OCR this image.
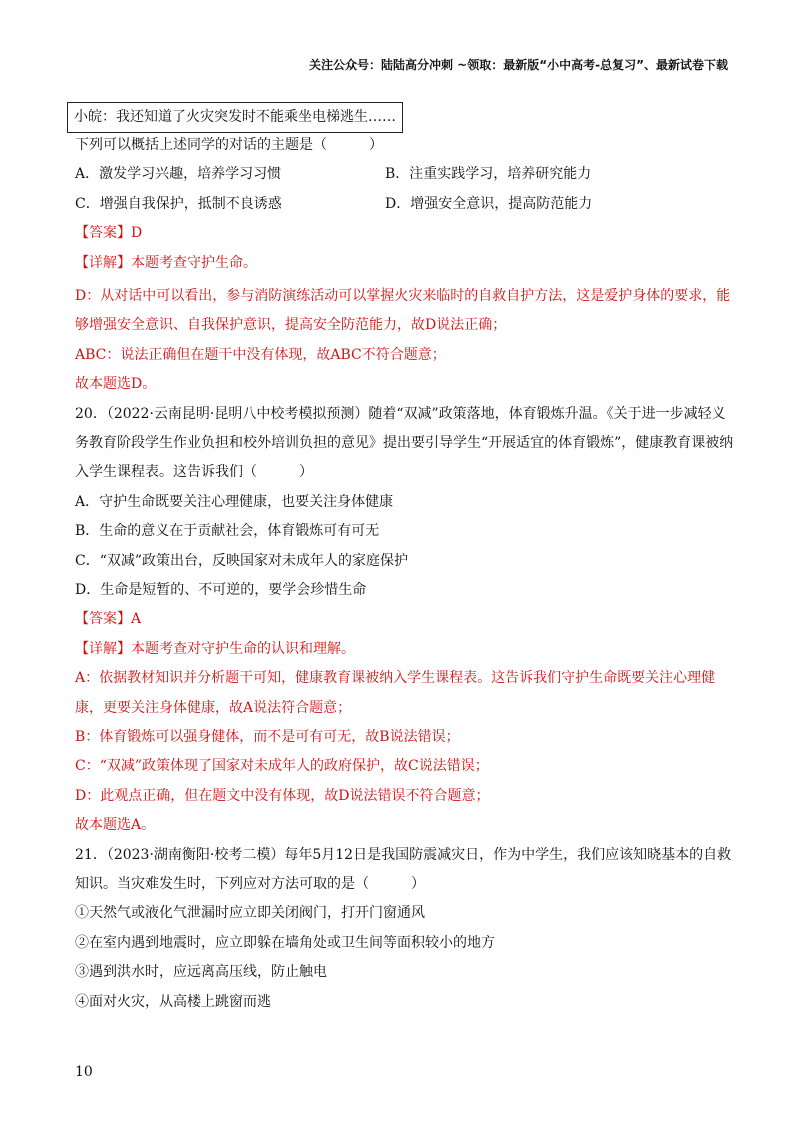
关注公众号：陆陆高分冲刺 ~领取：最新版“小中高考-总复习”、最新试卷下载
小皖：我还知道了火灾突发时不能乘坐电梯逃生……
下列可以概括上述同学的对话的主题是（　　　）
A．激发学习兴趣，培养学习习惯	B．注重实践学习，培养研究能力
C．增强自我保护，抵制不良诱惑	D．增强安全意识，提高防范能力
【答案】D
【详解】本题考查守护生命。
D：从对话中可以看出，参与消防演练活动可以掌握火灾来临时的自救自护方法，这是爱护身体的要求，能够增强安全意识、自我保护意识，提高安全防范能力，故D说法正确；
ABC：说法正确但在题干中没有体现，故ABC不符合题意；
故本题选D。
20．（2022·云南昆明·昆明八中校考模拟预测）随着“双减”政策落地，体育锻炼升温。《关于进一步减轻义务教育阶段学生作业负担和校外培训负担的意见》提出要引导学生“开展适宜的体育锻炼”，健康教育课被纳入学生课程表。这告诉我们（　　　）
A．守护生命既要关注心理健康，也要关注身体健康
B．生命的意义在于贡献社会，体育锻炼可有可无
C．“双减”政策出台，反映国家对未成年人的家庭保护
D．生命是短暂的、不可逆的，要学会珍惜生命
【答案】A
【详解】本题考查对守护生命的认识和理解。
A：依据教材知识并分析题干可知，健康教育课被纳入学生课程表。这告诉我们守护生命既要关注心理健康，更要关注身体健康，故A说法符合题意；
B：体育锻炼可以强身健体，而不是可有可无，故B说法错误；
C：“双减”政策体现了国家对未成年人的政府保护，故C说法错误；
D：此观点正确，但在题文中没有体现，故D说法错误不符合题意；
故本题选A。
21．（2023·湖南衡阳·校考二模）每年5月12日是我国防震减灾日，作为中学生，我们应该知晓基本的自救知识。当灾难发生时，下列应对方法可取的是（　　　）
①天然气或液化气泄漏时应立即关闭阀门，打开门窗通风
②在室内遇到地震时，应立即躲在墙角处或卫生间等面积较小的地方
③遇到洪水时，应远离高压线，防止触电
④面对火灾，从高楼上跳窗而逃
10
